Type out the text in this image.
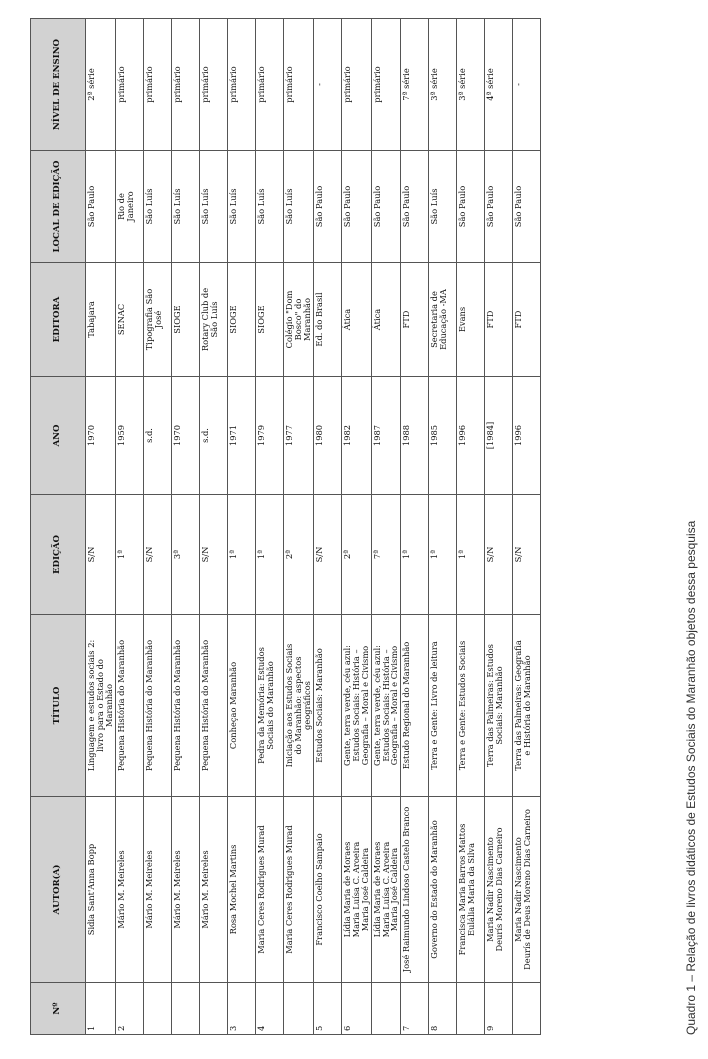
Nº	AUTOR(A)	TÍTULO	EDIÇÃO	ANO	EDITORA	LOCAL DE EDIÇÃO	NÍVEL DE ENSINO
1	Sidia Sant'Anna Bopp	Linguagem e estudos sociais 2:
livro para o Estado do
Maranhão	S/N	1970	Tabajara	São Paulo	2ª série
2	Mário M. Meireles	Pequena História do Maranhão	1ª	1959	SENAC	Rio de
Janeiro	primário

	Mário M. Meireles	Pequena História do Maranhão	S/N	s.d.	Tipografia São
José	São Luís	primário

	Mário M. Meireles	Pequena História do Maranhão	3ª	1970	SIOGE	São Luís	primário

	Mário M. Meireles	Pequena História do Maranhão	S/N	s.d.	Rotary Club de
São Luís	São Luís	primário
3	Rosa Mochel Martins	Conheçao Maranhão	1ª	1971	SIOGE	São Luís	primário
4	Maria Ceres Rodrigues Murad	Pedra da Memória: Estudos
Sociais do Maranhão	1ª	1979	SIOGE	São Luís	primário

	Maria Ceres Rodrigues Murad	Iniciação aos Estudos Sociais
do Maranhão: aspectos
geográficos	2ª	1977	Colégio "Dom
Bosco" do
Maranhão	São Luís	primário
5	Francisco Coelho Sampaio	Estudos Sociais: Maranhão	S/N	1980	Ed. do Brasil	São Paulo	-
6	Lídia Maria de Moraes
Maria Luísa C. Aroeira
Maria José Caldeira	Gente, terra verde, céu azul:
Estudos Sociais: História –
Geografia – Moral e Civismo	2ª	1982	Ática	São Paulo	primário

	Lídia Maria de Moraes
Maria Luísa C. Aroeira
Maria José Caldeira	Gente, terra verde, céu azul:
Estudos Sociais: História –
Geografia – Moral e Civismo	7ª	1987	Ática	São Paulo	primário
7	José Raimundo Lindoso Castelo Branco	Estudo Regional do Maranhão	1ª	1988	FTD	São Paulo	7ª série
8	Governo do Estado do Maranhão	Terra e Gente: Livro de leitura	1ª	1985	Secretaria de
Educação -MA	São Luís	3ª série

	Francisca Maria Barros Mattos
Eulália Maria da Silva	Terra e Gente: Estudos Sociais	1ª	1996	Evans	São Paulo	3ª série
9	Maria Nadir Nascimento
Deurís Moreno Dias Carneiro	Terra das Palmeiras: Estudos
Sociais: Maranhão	S/N	[1984]	FTD	São Paulo	4ª série

	Maria Nadir Nascimento
Deurís de Deus Moreno Dias Carneiro	Terra das Palmeiras: Geografia
e História do Maranhão	S/N	1996	FTD	São Paulo	-
Quadro 1 – Relação de livros didáticos de Estudos Sociais do Maranhão objetos dessa pesquisa
